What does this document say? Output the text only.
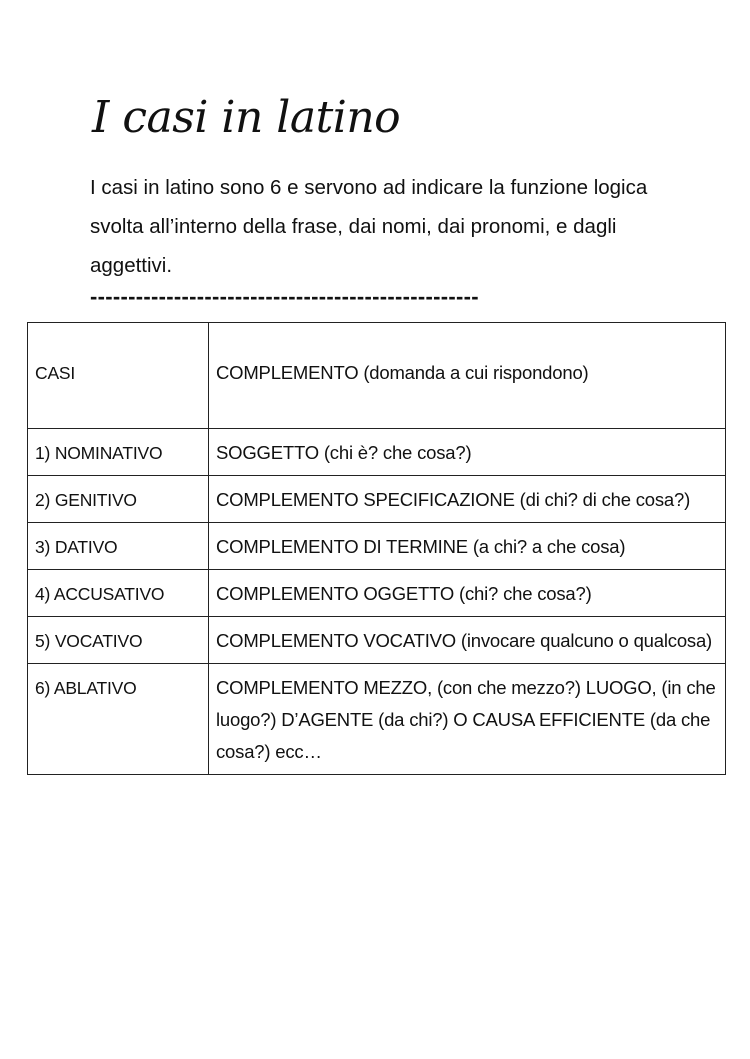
I casi in latino

I casi in latino sono 6 e servono ad indicare la funzione logica svolta all’interno della frase, dai nomi, dai pronomi, e dagli aggettivi.

---------------------------------------------------
CASI	COMPLEMENTO (domanda a cui rispondono)
1) NOMINATIVO	SOGGETTO (chi è? che cosa?)
2) GENITIVO	COMPLEMENTO SPECIFICAZIONE (di chi? di che cosa?)
3) DATIVO	COMPLEMENTO DI TERMINE (a chi? a che cosa)
4) ACCUSATIVO	COMPLEMENTO OGGETTO (chi? che cosa?)
5) VOCATIVO	COMPLEMENTO VOCATIVO (invocare qualcuno o qualcosa)
6) ABLATIVO	COMPLEMENTO MEZZO, (con che mezzo?) LUOGO, (in che luogo?) D’AGENTE (da chi?) O CAUSA EFFICIENTE (da che cosa?) ecc…
